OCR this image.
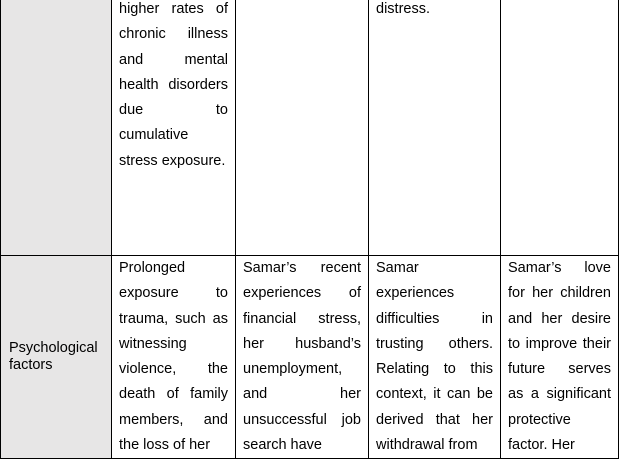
	higher rates of chronic illness and mental health disorders due to cumulative stress exposure.		distress.	

Psychological factors	Prolonged exposure to trauma, such as witnessing violence, the death of family members, and the loss of her	Samar’s recent experiences of financial stress, her husband’s unemployment, and her unsuccessful job search have	Samar experiences difficulties in trusting others. Relating to this context, it can be derived that her withdrawal from	Samar’s love for her children and her desire to improve their future serves as a significant protective factor. Her
